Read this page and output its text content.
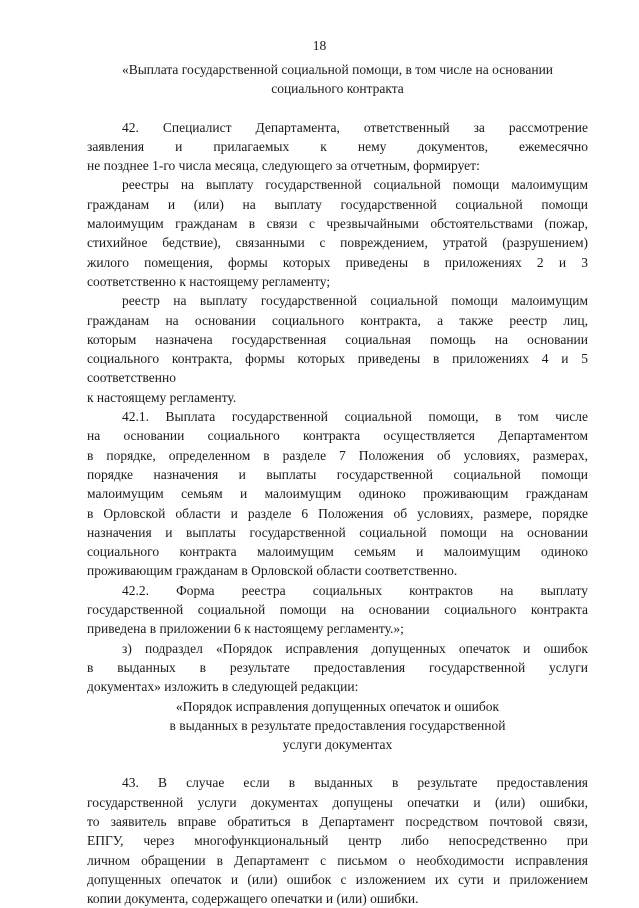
18

«Выплата государственной социальной помощи, в том числе на основании

социального контракта

42. Специалист Департамента, ответственный за рассмотрение

заявления и прилагаемых к нему документов, ежемесячно

не позднее 1-го числа месяца, следующего за отчетным, формирует:

реестры на выплату государственной социальной помощи малоимущим

гражданам и (или) на выплату государственной социальной помощи

малоимущим гражданам в связи с чрезвычайными обстоятельствами (пожар,

стихийное бедствие), связанными с повреждением, утратой (разрушением)

жилого помещения, формы которых приведены в приложениях 2 и 3

соответственно к настоящему регламенту;

реестр на выплату государственной социальной помощи малоимущим

гражданам на основании социального контракта, а также реестр лиц,

которым назначена государственная социальная помощь на основании

социального контракта, формы которых приведены в приложениях 4 и 5

соответственно

к настоящему регламенту.

42.1. Выплата государственной социальной помощи, в том числе

на основании социального контракта осуществляется Департаментом

в порядке, определенном в разделе 7 Положения об условиях, размерах,

порядке назначения и выплаты государственной социальной помощи

малоимущим семьям и малоимущим одиноко проживающим гражданам

в Орловской области и разделе 6 Положения об условиях, размере, порядке

назначения и выплаты государственной социальной помощи на основании

социального контракта малоимущим семьям и малоимущим одиноко

проживающим гражданам в Орловской области соответственно.

42.2. Форма реестра социальных контрактов на выплату

государственной социальной помощи на основании социального контракта

приведена в приложении 6 к настоящему регламенту.»;

з) подраздел «Порядок исправления допущенных опечаток и ошибок

в выданных в результате предоставления государственной услуги

документах» изложить в следующей редакции:

«Порядок исправления допущенных опечаток и ошибок

в выданных в результате предоставления государственной

услуги документах

43. В случае если в выданных в результате предоставления

государственной услуги документах допущены опечатки и (или) ошибки,

то заявитель вправе обратиться в Департамент посредством почтовой связи,

ЕПГУ, через многофункциональный центр либо непосредственно при

личном обращении в Департамент с письмом о необходимости исправления

допущенных опечаток и (или) ошибок с изложением их сути и приложением

копии документа, содержащего опечатки и (или) ошибки.
